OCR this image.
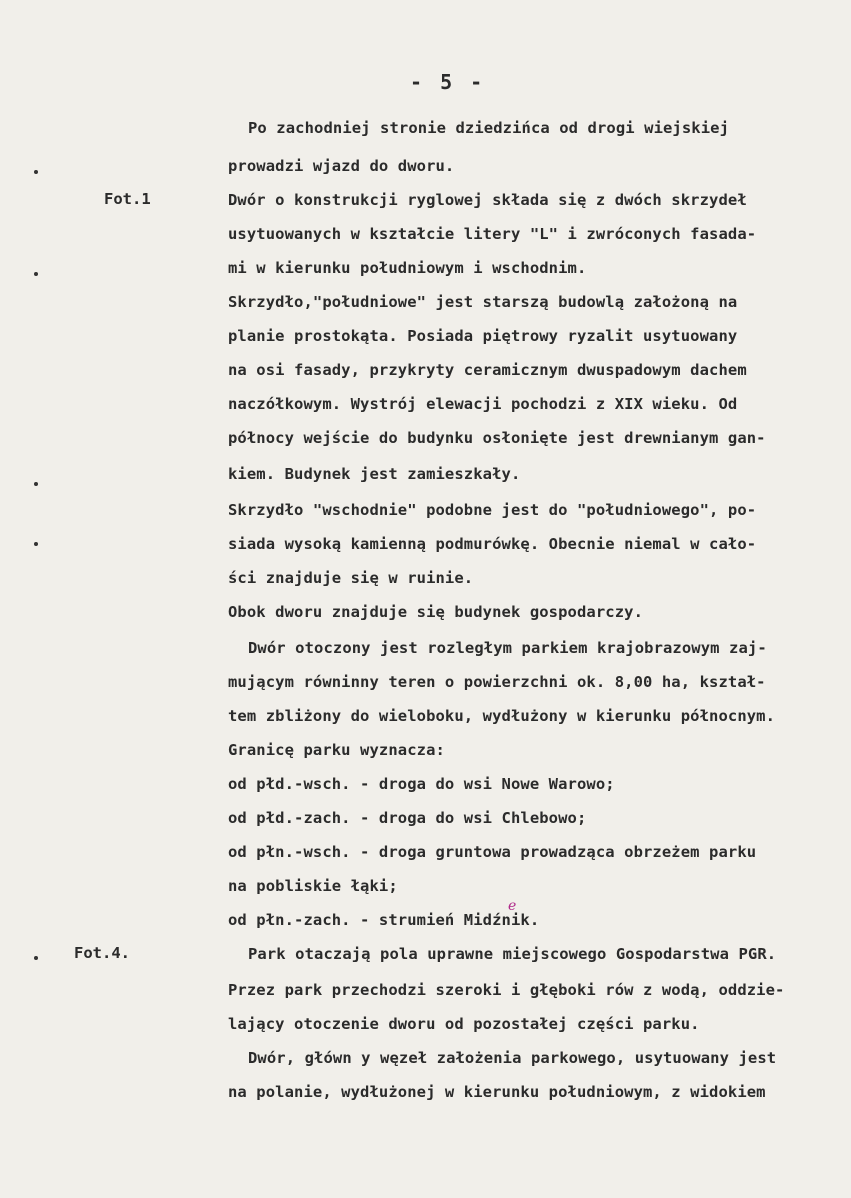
- 5 -
Fot.1
Fot.4.
e
Po zachodniej stronie dziedzińca od drogi wiejskiej
prowadzi wjazd do dworu.
Dwór o konstrukcji ryglowej składa się z dwóch skrzydeł
usytuowanych w kształcie litery "L" i zwróconych fasada-
mi w kierunku południowym i wschodnim.
Skrzydło,"południowe" jest starszą budowlą założoną na
planie prostokąta. Posiada piętrowy ryzalit usytuowany
na osi fasady, przykryty ceramicznym dwuspadowym dachem
naczółkowym. Wystrój elewacji pochodzi z XIX wieku. Od
północy wejście do budynku osłonięte jest drewnianym gan-
kiem. Budynek jest zamieszkały.
Skrzydło "wschodnie" podobne jest do "południowego", po-
siada wysoką kamienną podmurówkę. Obecnie niemal w cało-
ści znajduje się w ruinie.
Obok dworu znajduje się budynek gospodarczy.
Dwór otoczony jest rozległym parkiem krajobrazowym zaj-
mującym równinny teren o powierzchni ok. 8,00 ha, kształ-
tem zbliżony do wieloboku, wydłużony w kierunku północnym.
Granicę parku wyznacza:
od płd.-wsch. - droga do wsi Nowe Warowo;
od płd.-zach. - droga do wsi Chlebowo;
od płn.-wsch. - droga gruntowa prowadząca obrzeżem parku
na pobliskie łąki;
od płn.-zach. - strumień Midźnik.
Park otaczają pola uprawne miejscowego Gospodarstwa PGR.
Przez park przechodzi szeroki i głęboki rów z wodą, oddzie-
lający otoczenie dworu od pozostałej części parku.
Dwór, główn y węzeł założenia parkowego, usytuowany jest
na polanie, wydłużonej w kierunku południowym, z widokiem
